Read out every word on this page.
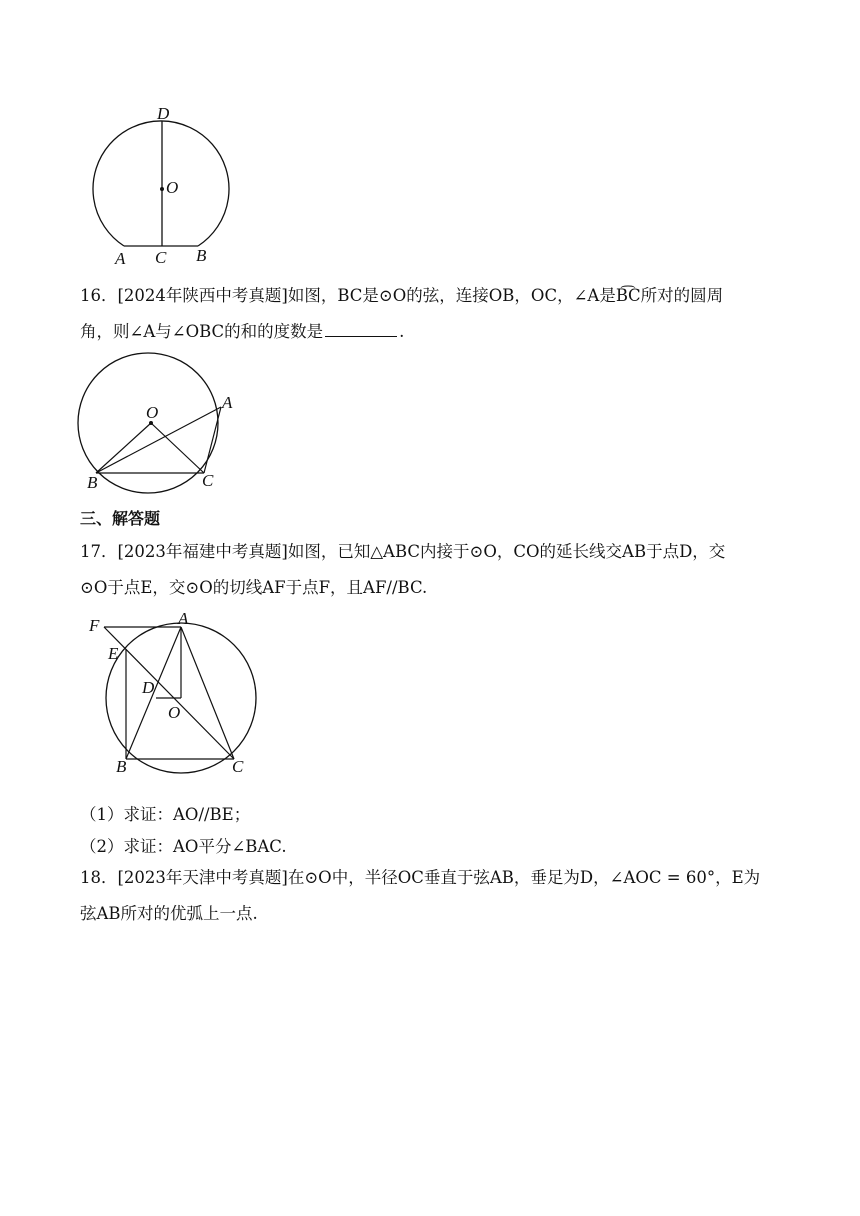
D
O
C
A	B
16．[2024年陕西中考真题]如图，BC是⊙O的弦，连接OB，OC，∠A是B͡C所对的圆周
角，则∠A与∠OBC的和的度数是	.
O
A
B	C
三、解答题
17．[2023年福建中考真题]如图，已知△ABC内接于⊙O，CO的延长线交AB于点D，交
⊙O于点E，交⊙O的切线AF于点F，且AF//BC.
F	A
E
D
O
B	C
（1）求证：AO//BE；
（2）求证：AO平分∠BAC.
18．[2023年天津中考真题]在⊙O中，半径OC垂直于弦AB，垂足为D，∠AOC = 60°，E为
弦AB所对的优弧上一点.
